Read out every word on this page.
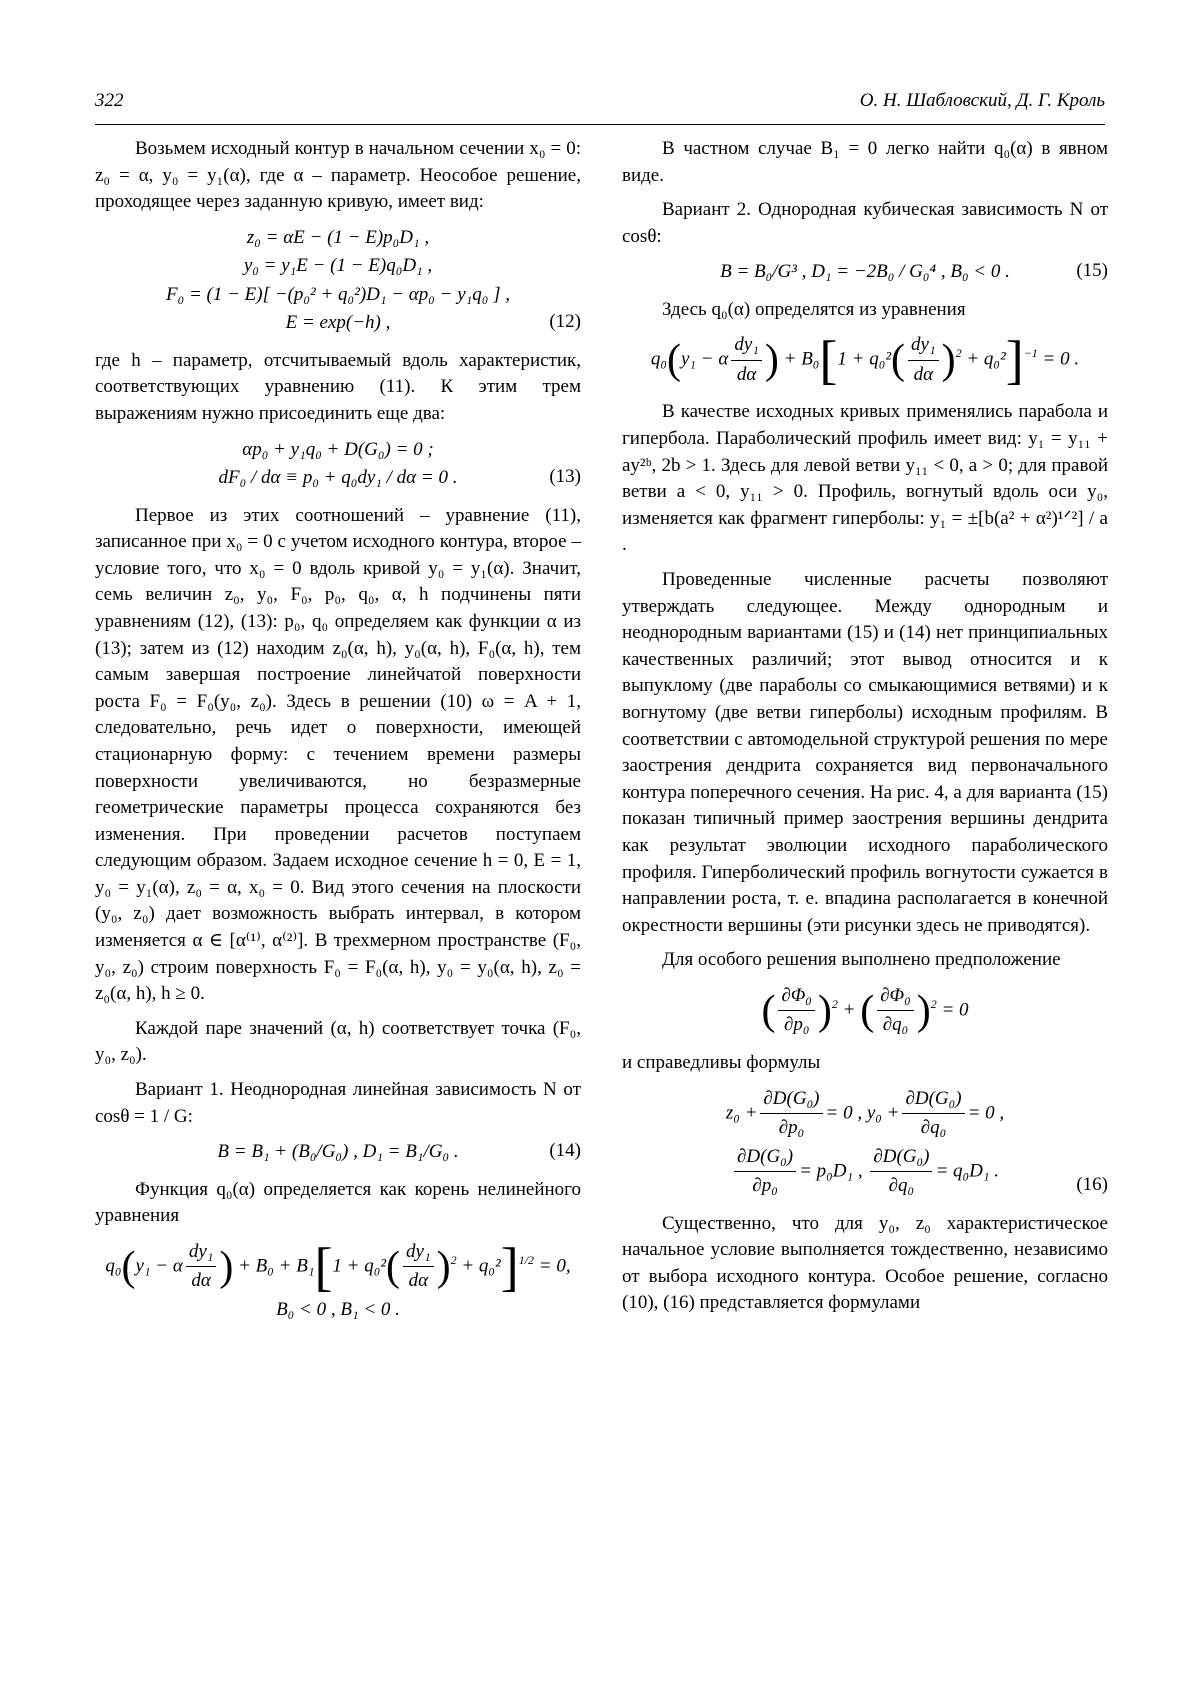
322	О. Н. Шабловский, Д. Г. Кроль

Возьмем исходный контур в начальном сечении x₀ = 0: z₀ = α, y₀ = y₁(α), где α – параметр. Неособое решение, проходящее через заданную кривую, имеет вид:

z₀ = αE − (1 − E)p₀D₁ ,
y₀ = y₁E − (1 − E)q₀D₁ ,
F₀ = (1 − E)[ −(p₀² + q₀²)D₁ − αp₀ − y₁q₀ ] ,
E = exp(−h) ,	(12)

где h – параметр, отсчитываемый вдоль характеристик, соответствующих уравнению (11). К этим трем выражениям нужно присоединить еще два:

αp₀ + y₁q₀ + D(G₀) = 0 ;
dF₀ / dα ≡ p₀ + q₀dy₁ / dα = 0 .	(13)

Первое из этих соотношений – уравнение (11), записанное при x₀ = 0 с учетом исходного контура, второе – условие того, что x₀ = 0 вдоль кривой y₀ = y₁(α). Значит, семь величин z₀, y₀, F₀, p₀, q₀, α, h подчинены пяти уравнениям (12), (13): p₀, q₀ определяем как функции α из (13); затем из (12) находим z₀(α, h), y₀(α, h), F₀(α, h), тем самым завершая построение линейчатой поверхности роста F₀ = F₀(y₀, z₀). Здесь в решении (10) ω = A + 1, следовательно, речь идет о поверхности, имеющей стационарную форму: с течением времени размеры поверхности увеличиваются, но безразмерные геометрические параметры процесса сохраняются без изменения. При проведении расчетов поступаем следующим образом. Задаем исходное сечение h = 0, E = 1, y₀ = y₁(α), z₀ = α, x₀ = 0. Вид этого сечения на плоскости (y₀, z₀) дает возможность выбрать интервал, в котором изменяется α ∈ [α⁽¹⁾, α⁽²⁾]. В трехмерном пространстве (F₀, y₀, z₀) строим поверхность F₀ = F₀(α, h), y₀ = y₀(α, h), z₀ = z₀(α, h), h ≥ 0.

Каждой паре значений (α, h) соответствует точка (F₀, y₀, z₀).

Вариант 1. Неоднородная линейная зависимость N от cosθ = 1 / G:

B = B₁ + (B₀/G₀) , D₁ = B₁/G₀ .	(14)

Функция q₀(α) определяется как корень нелинейного уравнения

q₀(y₁ − α
dy₁
dα ) + B₀ + B₁[1 + q₀²( dy₁
dα )2 + q₀²]1/2 = 0,
B₀ < 0 , B₁ < 0 .

В частном случае B₁ = 0 легко найти q₀(α) в явном виде.

Вариант 2. Однородная кубическая зависимость N от cosθ:

B = B₀/G³ , D₁ = −2B₀ / G₀⁴ , B₀ < 0 .	(15)

Здесь q₀(α) определятся из уравнения

q₀(y₁ − α
dy₁
dα ) + B₀[1 + q₀²( dy₁
dα )2 + q₀²]−1 = 0 .

В качестве исходных кривых применялись парабола и гипербола. Параболический профиль имеет вид: y₁ = y₁₁ + ay²ᵇ, 2b > 1. Здесь для левой ветви y₁₁ < 0, a > 0; для правой ветви a < 0, y₁₁ > 0. Профиль, вогнутый вдоль оси y₀, изменяется как фрагмент гиперболы: y₁ = ±[b(a² + α²)¹ᐟ²] / a .

Проведенные численные расчеты позволяют утверждать следующее. Между однородным и неоднородным вариантами (15) и (14) нет принципиальных качественных различий; этот вывод относится и к выпуклому (две параболы со смыкающимися ветвями) и к вогнутому (две ветви гиперболы) исходным профилям. В соответствии с автомодельной структурой решения по мере заострения дендрита сохраняется вид первоначального контура поперечного сечения. На рис. 4, a для варианта (15) показан типичный пример заострения вершины дендрита как результат эволюции исходного параболического профиля. Гиперболический профиль вогнутости сужается в направлении роста, т. е. впадина располагается в конечной окрестности вершины (эти рисунки здесь не приводятся).

Для особого решения выполнено предположение

( ∂Φ₀
∂p₀ )2 + ( ∂Φ₀
∂q₀ )2 = 0

и справедливы формулы

z₀ +
∂D(G₀)
∂p₀
= 0 , y₀ +
∂D(G₀)
∂q₀
= 0 ,
∂D(G₀)
∂p₀
= p₀D₁ ,
∂D(G₀)
∂q₀
= q₀D₁ .
(16)

Существенно, что для y₀, z₀ характеристическое начальное условие выполняется тождественно, независимо от выбора исходного контура. Особое решение, согласно (10), (16) представляется формулами
